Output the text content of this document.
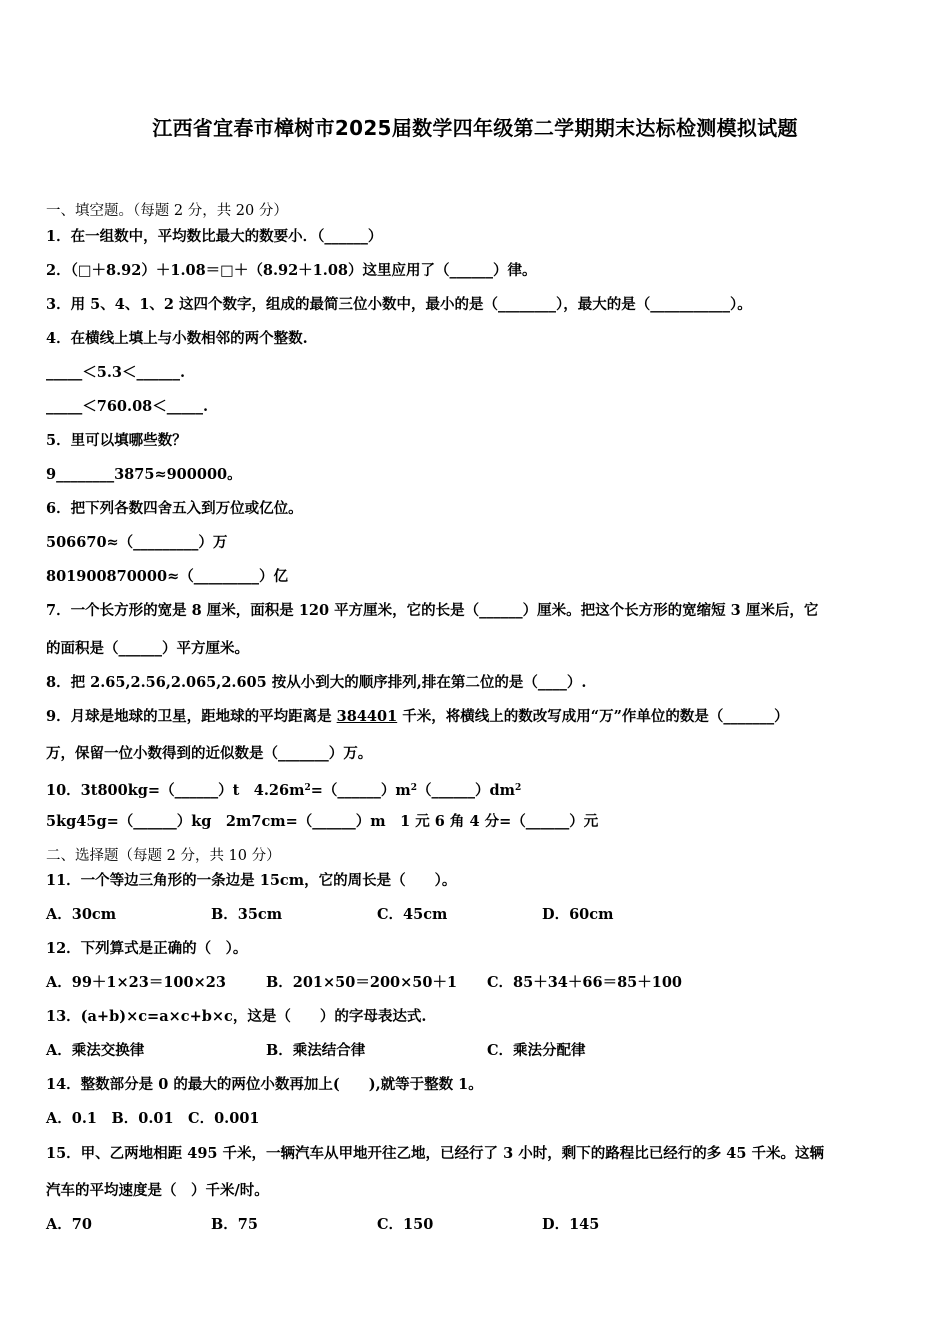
江西省宜春市樟树市2025届数学四年级第二学期期末达标检测模拟试题
一、填空题。（每题 2 分，共 20 分）
1．在一组数中，平均数比最大的数要小．（______）
2．（□＋8.92）＋1.08＝□＋（8.92＋1.08）这里应用了（______）律。
3．用 5、4、1、2 这四个数字，组成的最简三位小数中，最小的是（________），最大的是（___________）。
4．在横线上填上与小数相邻的两个整数.
_____＜5.3＜______.
_____＜760.08＜_____.
5．里可以填哪些数？
9________3875≈900000。
6．把下列各数四舍五入到万位或亿位。
506670≈（_________）万
801900870000≈（_________）亿
7．一个长方形的宽是 8 厘米，面积是 120 平方厘米，它的长是（______）厘米。把这个长方形的宽缩短 3 厘米后，它
的面积是（______）平方厘米。
8．把 2.65,2.56,2.065,2.605 按从小到大的顺序排列,排在第二位的是（____）.
9．月球是地球的卫星，距地球的平均距离是 384401 千米，将横线上的数改写成用“万”作单位的数是（_______）
万，保留一位小数得到的近似数是（_______）万。
10．3t800kg=（______）t　$4.26m^2=(\_\_\_\_\_\_)m^2(\_\_\_\_\_\_)dm^2$
5kg45g=（______）kg　2m7cm=（______）m　1 元 6 角 4 分=（______）元
二、选择题（每题 2 分，共 10 分）
11．一个等边三角形的一条边是 15cm，它的周长是（　　）。
A．30cm	B．35cm	C．45cm	D．60cm
12．下列算式是正确的（　）。
A．99＋1×23＝100×23	B．201×50＝200×50＋1 C．85＋34＋66＝85＋100
13．(a+b)×c=a×c+b×c，这是（　　）的字母表达式.
A．乘法交换律	B．乘法结合律	C．乘法分配律
14．整数部分是 0 的最大的两位小数再加上(　　),就等于整数 1。
A．0.1　B．0.01　C．0.001
15．甲、乙两地相距 495 千米，一辆汽车从甲地开往乙地，已经行了 3 小时，剩下的路程比已经行的多 45 千米。这辆
汽车的平均速度是（　）千米/时。
A．70	B．75	C．150	D．145
